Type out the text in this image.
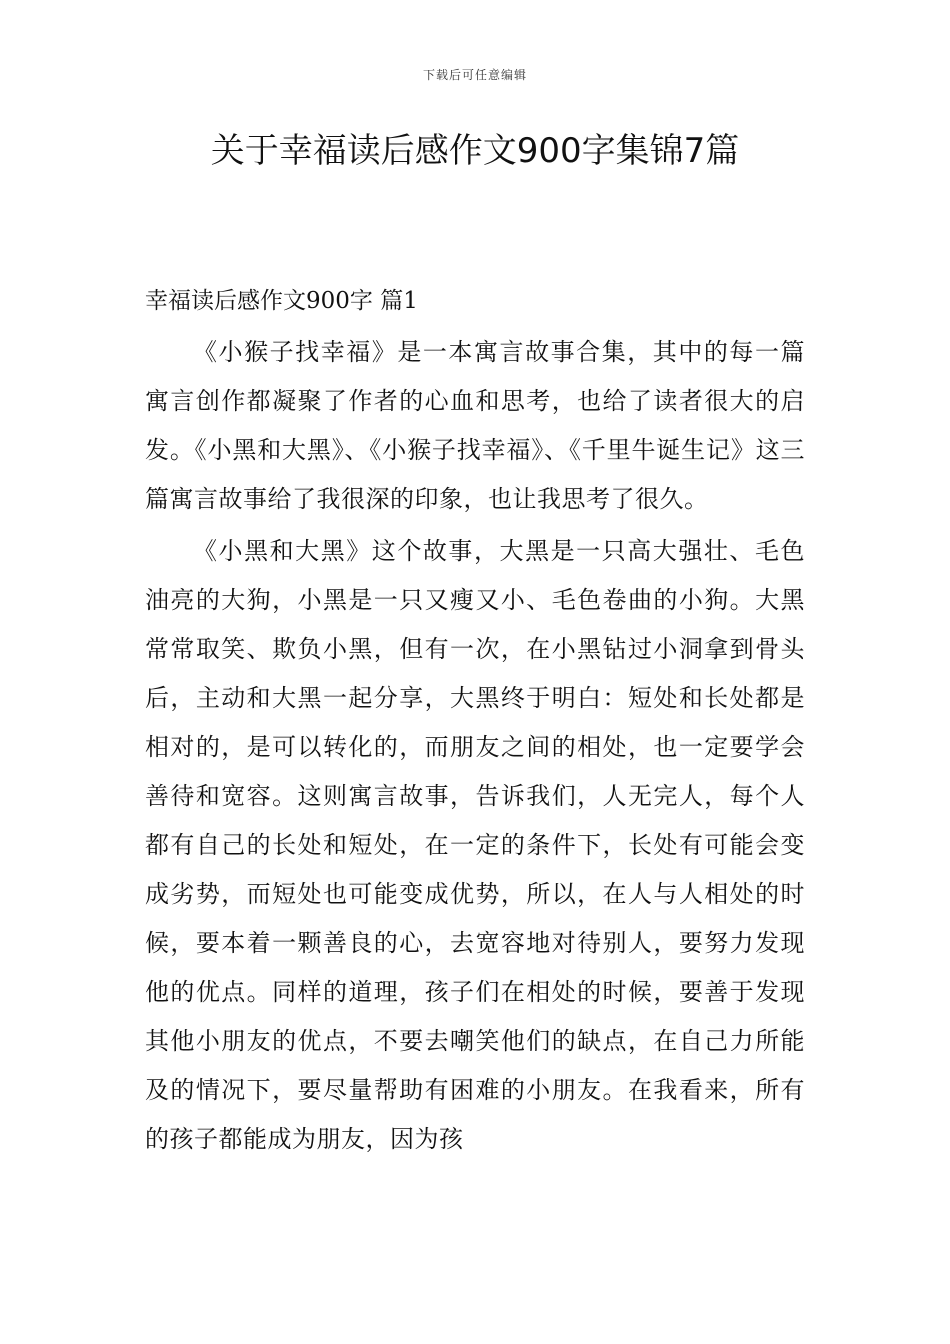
下载后可任意编辑
关于幸福读后感作文900字集锦7篇
幸福读后感作文900字 篇1

《小猴子找幸福》是一本寓言故事合集，其中的每一篇寓言创作都凝聚了作者的心血和思考，也给了读者很大的启发。《小黑和大黑》、《小猴子找幸福》、《千里牛诞生记》这三篇寓言故事给了我很深的印象，也让我思考了很久。

《小黑和大黑》这个故事，大黑是一只高大强壮、毛色油亮的大狗，小黑是一只又瘦又小、毛色卷曲的小狗。大黑常常取笑、欺负小黑，但有一次，在小黑钻过小洞拿到骨头后，主动和大黑一起分享，大黑终于明白：短处和长处都是相对的，是可以转化的，而朋友之间的相处，也一定要学会善待和宽容。这则寓言故事，告诉我们，人无完人，每个人都有自己的长处和短处，在一定的条件下，长处有可能会变成劣势，而短处也可能变成优势，所以，在人与人相处的时候，要本着一颗善良的心，去宽容地对待别人，要努力发现他的优点。同样的道理，孩子们在相处的时候，要善于发现其他小朋友的优点，不要去嘲笑他们的缺点，在自己力所能及的情况下，要尽量帮助有困难的小朋友。在我看来，所有的孩子都能成为朋友，因为孩
